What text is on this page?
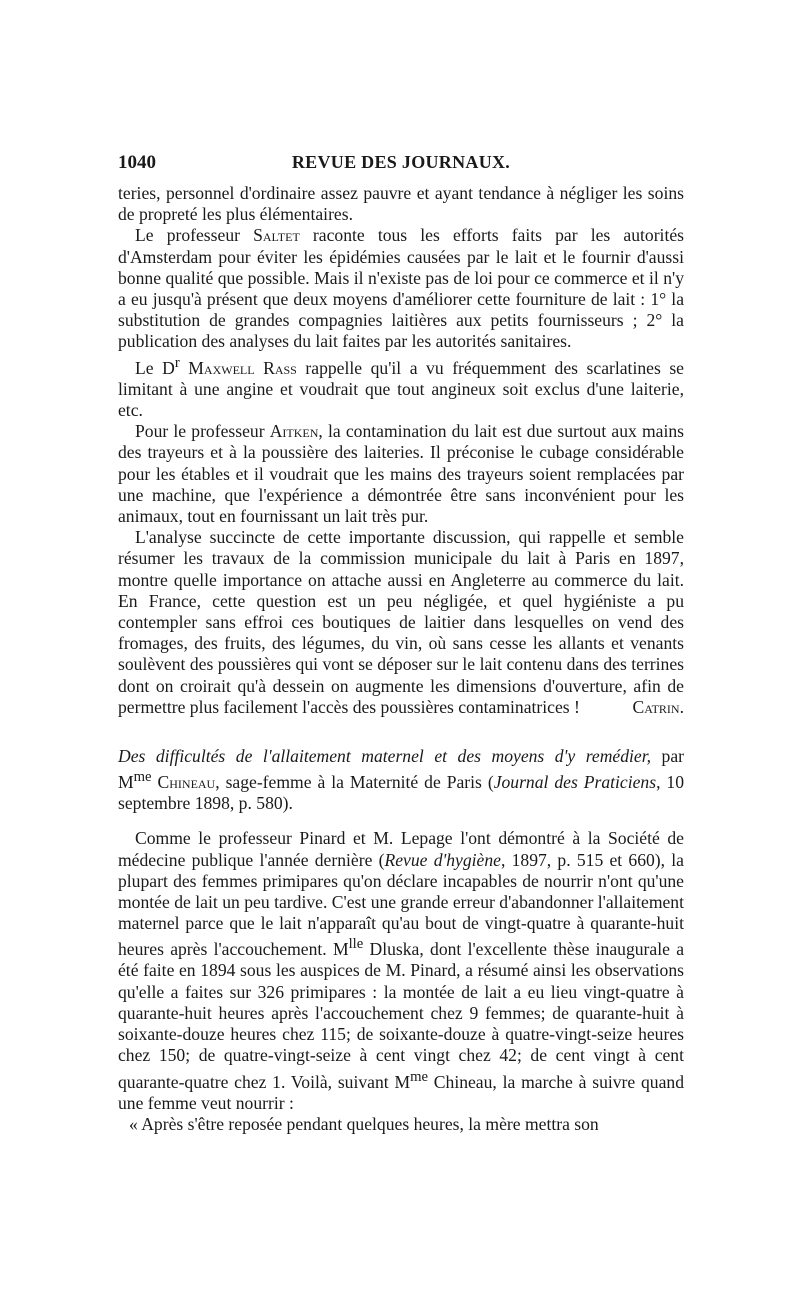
1040	REVUE DES JOURNAUX.

teries, personnel d'ordinaire assez pauvre et ayant tendance à négliger les soins de propreté les plus élémentaires.

Le professeur Saltet raconte tous les efforts faits par les autorités d'Amsterdam pour éviter les épidémies causées par le lait et le fournir d'aussi bonne qualité que possible. Mais il n'existe pas de loi pour ce commerce et il n'y a eu jusqu'à présent que deux moyens d'améliorer cette fourniture de lait : 1° la substitution de grandes compagnies laitières aux petits fournisseurs ; 2° la publication des analyses du lait faites par les autorités sanitaires.

Le $D^r$ Maxwell Rass rappelle qu'il a vu fréquemment des scarlatines se limitant à une angine et voudrait que tout angineux soit exclus d'une laiterie, etc.

Pour le professeur Aitken, la contamination du lait est due surtout aux mains des trayeurs et à la poussière des laiteries. Il préconise le cubage considérable pour les étables et il voudrait que les mains des trayeurs soient remplacées par une machine, que l'expérience a démontrée être sans inconvénient pour les animaux, tout en fournissant un lait très pur.

L'analyse succincte de cette importante discussion, qui rappelle et semble résumer les travaux de la commission municipale du lait à Paris en 1897, montre quelle importance on attache aussi en Angleterre au commerce du lait. En France, cette question est un peu négligée, et quel hygiéniste a pu contempler sans effroi ces boutiques de laitier dans lesquelles on vend des fromages, des fruits, des légumes, du vin, où sans cesse les allants et venants soulèvent des poussières qui vont se déposer sur le lait contenu dans des terrines dont on croirait qu'à dessein on augmente les dimensions d'ouverture, afin de permettre plus facilement l'accès des poussières contaminatrices !	Catrin.

Des difficultés de l'allaitement maternel et des moyens d'y remédier, par $M^{me}$ Chineau, sage-femme à la Maternité de Paris (Journal des Praticiens, 10 septembre 1898, p. 580).

Comme le professeur Pinard et M. Lepage l'ont démontré à la Société de médecine publique l'année dernière (Revue d'hygiène, 1897, p. 515 et 660), la plupart des femmes primipares qu'on déclare incapables de nourrir n'ont qu'une montée de lait un peu tardive. C'est une grande erreur d'abandonner l'allaitement maternel parce que le lait n'apparaît qu'au bout de vingt-quatre à quarante-huit heures après l'accouchement. $M^{lle}$ Dluska, dont l'excellente thèse inaugurale a été faite en 1894 sous les auspices de M. Pinard, a résumé ainsi les observations qu'elle a faites sur 326 primipares : la montée de lait a eu lieu vingt-quatre à quarante-huit heures après l'accouchement chez 9 femmes; de quarante-huit à soixante-douze heures chez 115; de soixante-douze à quatre-vingt-seize heures chez 150; de quatre-vingt-seize à cent vingt chez 42; de cent vingt à cent quarante-quatre chez 1. Voilà, suivant $M^{me}$ Chineau, la marche à suivre quand une femme veut nourrir :

« Après s'être reposée pendant quelques heures, la mère mettra son
